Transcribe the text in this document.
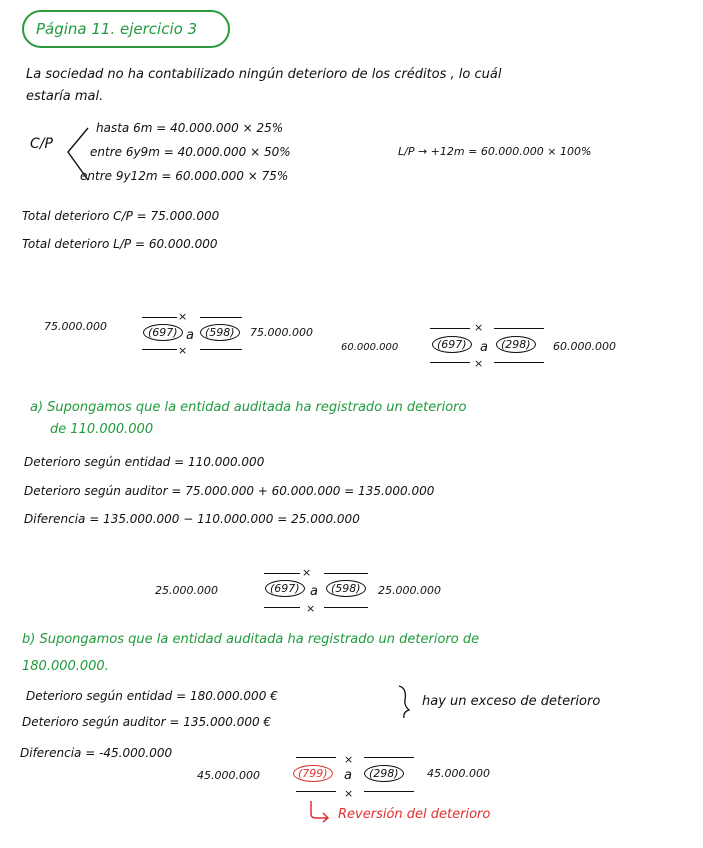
Página 11. ejercicio 3
La sociedad no ha contabilizado ningún deterioro de los créditos , lo cuál
estaría mal.
C/P
hasta 6m = 40.000.000 × 25%
entre 6y9m = 40.000.000 × 50%
entre 9y12m = 60.000.000 × 75%
L/P → +12m = 60.000.000 × 100%
Total deterioro C/P = 75.000.000
Total deterioro L/P = 60.000.000
75.000.000
×
(697) a	(598)	75.000.000
×	60.000.000
×
(697)	a	(298)	60.000.000
×
a) Supongamos que la entidad auditada ha registrado un deterioro
de 110.000.000
Deterioro según entidad = 110.000.000
Deterioro según auditor = 75.000.000 + 60.000.000 = 135.000.000
Diferencia = 135.000.000 − 110.000.000 = 25.000.000
25.000.000
×
(697) a	(598)	25.000.000
×
b) Supongamos que la entidad auditada ha registrado un deterioro de
180.000.000.
Deterioro según entidad = 180.000.000 €
Deterioro según auditor = 135.000.000 €
hay un exceso de deterioro
Diferencia = -45.000.000
45.000.000
×
(799)	a	(298)	45.000.000
×
Reversión del deterioro
